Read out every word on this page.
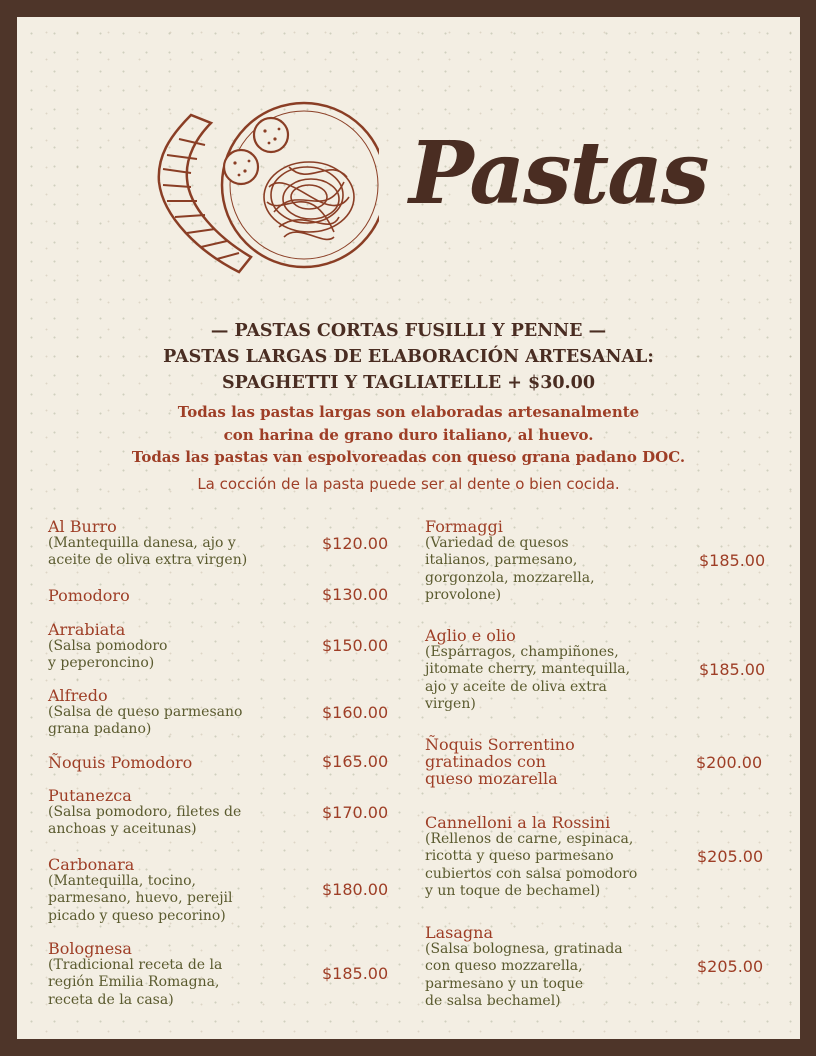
Pastas
— PASTAS CORTAS FUSILLI Y PENNE —
PASTAS LARGAS DE ELABORACIÓN ARTESANAL:
SPAGHETTI Y TAGLIATELLE + $30.00
Todas las pastas largas son elaboradas artesanalmente
con harina de grano duro italiano, al huevo.
Todas las pastas van espolvoreadas con queso grana padano DOC.
La cocción de la pasta puede ser al dente o bien cocida.
Al Burro
(Mantequilla danesa, ajo y
aceite de oliva extra virgen)
$120.00
Pomodoro	$130.00
Arrabiata
(Salsa pomodoro
y peperoncino)
$150.00
Alfredo
(Salsa de queso parmesano
grana padano)
$160.00
Ñoquis Pomodoro	$165.00
Putanezca
(Salsa pomodoro, filetes de
anchoas y aceitunas)
$170.00
Carbonara
(Mantequilla, tocino,
parmesano, huevo, perejil
picado y queso pecorino)
$180.00
Bolognesa
(Tradicional receta de la
región Emilia Romagna,
receta de la casa)
$185.00
Formaggi
(Variedad de quesos
italianos, parmesano,
gorgonzola, mozzarella,
provolone)
$185.00
Aglio e olio
(Espárragos, champiñones,
jitomate cherry, mantequilla,
ajo y aceite de oliva extra
virgen)
$185.00
Ñoquis Sorrentino
gratinados con
queso mozarella
$200.00
Cannelloni a la Rossini
(Rellenos de carne, espinaca,
ricotta y queso parmesano
cubiertos con salsa pomodoro
y un toque de bechamel)
$205.00
Lasagna
(Salsa bolognesa, gratinada
con queso mozzarella,
parmesano y un toque
de salsa bechamel)
$205.00
